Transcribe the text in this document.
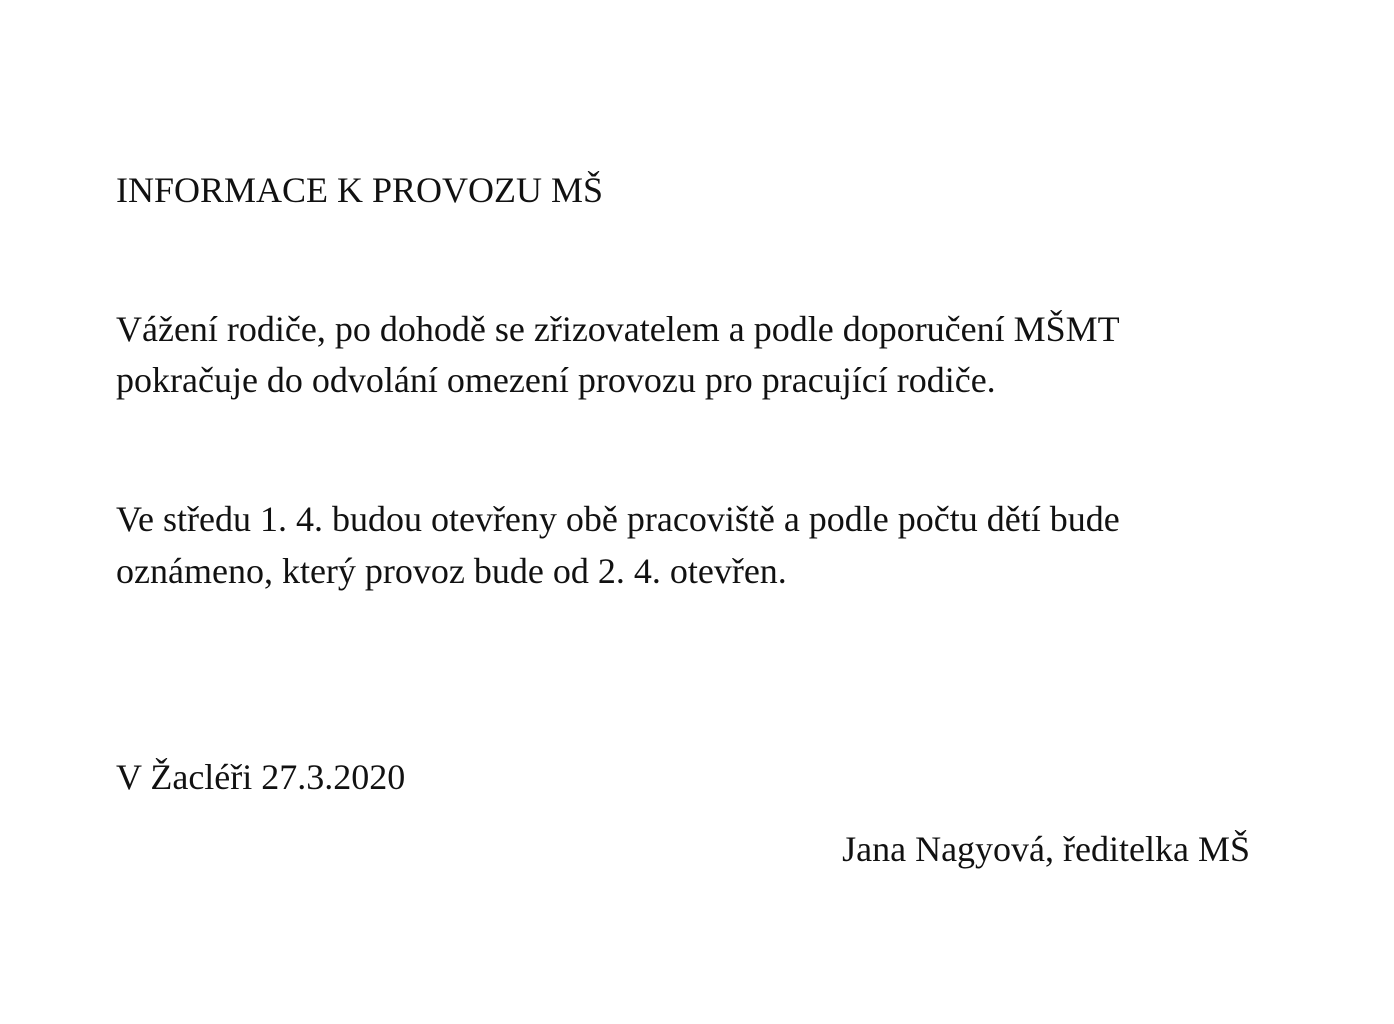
INFORMACE K PROVOZU MŠ

Vážení rodiče, po dohodě se zřizovatelem a podle doporučení MŠMT

pokračuje do odvolání omezení provozu pro pracující rodiče.

Ve středu 1. 4. budou otevřeny obě pracoviště a podle počtu dětí bude

oznámeno, který provoz bude od 2. 4. otevřen.

V Žacléři 27.3.2020

Jana Nagyová, ředitelka MŠ
